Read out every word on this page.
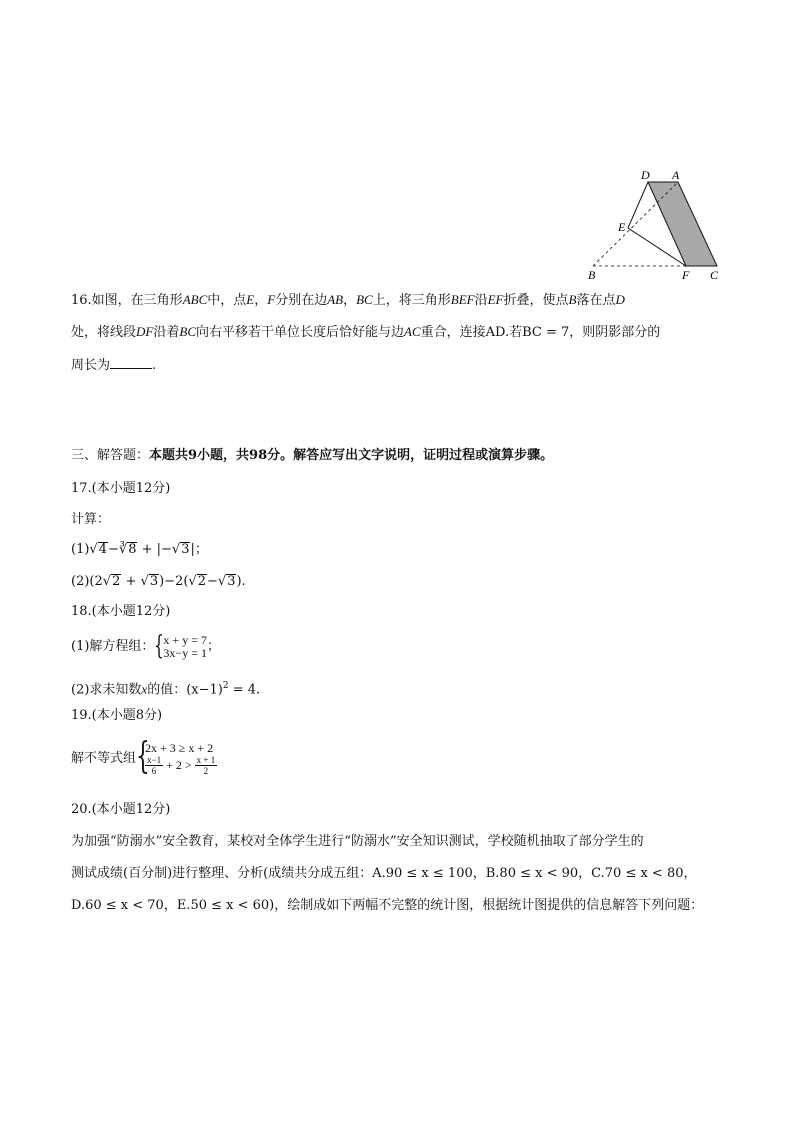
D A
E
B	F C
16.如图，在三角形ABC中，点E，F分别在边AB，BC上，将三角形BEF沿EF折叠，使点B落在点D
处，将线段DF沿着BC向右平移若干单位长度后恰好能与边AC重合，连接AD.若BC = 7，则阴影部分的
周长为	.
三、解答题：本题共9小题，共98分。解答应写出文字说明，证明过程或演算步骤。
17.(本小题12分)
计算：
(1)√4−∛8 + |−√3|；
(2)(2√2 + √3)−2(√2−√3).
18.(本小题12分)
(1)解方程组： { x + y = 7
3x−y = 1 ；
(2)求未知数x的值：$(x-1)^2 = 4$.
19.(本小题8分)
解不等式组 {
2x + 3 ≥ x + 2
$\frac{x-1}{6} + 2 > \frac{x + 1}{2}$
20.(本小题12分)
为加强“防溺水”安全教育，某校对全体学生进行“防溺水”安全知识测试，学校随机抽取了部分学生的
测试成绩(百分制)进行整理、分析(成绩共分成五组：A.90 ≤ x ≤ 100，B.80 ≤ x < 90，C.70 ≤ x < 80，
D.60 ≤ x < 70，E.50 ≤ x < 60)，绘制成如下两幅不完整的统计图，根据统计图提供的信息解答下列问题：
